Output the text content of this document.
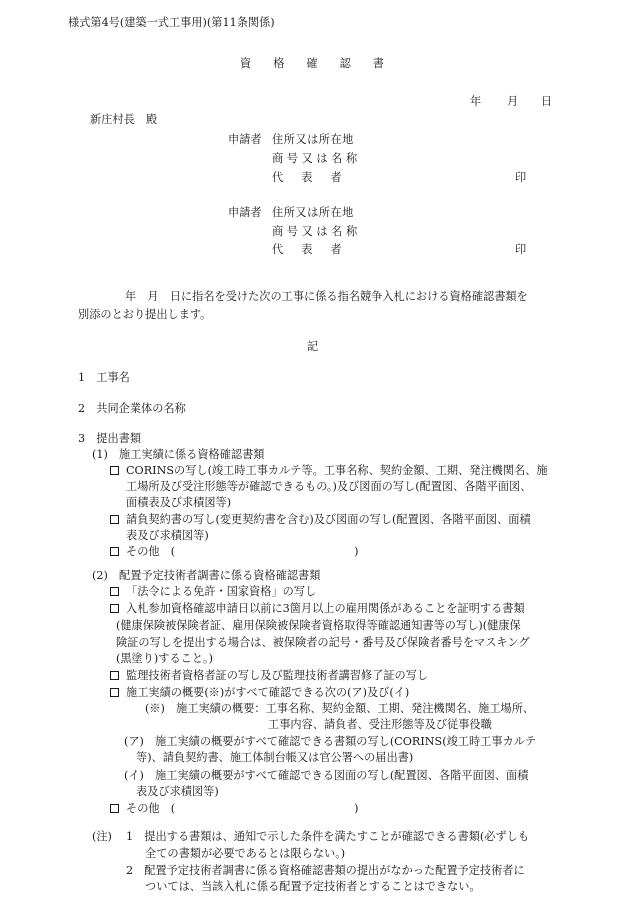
様式第4号(建築一式工事用)(第11条関係)
資格確認書
年 月 日
新庄村長　殿
申請者 住所又は所在地
商号又は名称
代表者	印
申請者 住所又は所在地
商号又は名称
代表者	印
年　月　日に指名を受けた次の工事に係る指名競争入札における資格確認書類を
別添のとおり提出します。
記
1　工事名
2　共同企業体の名称
3　提出書類
(1)　施工実績に係る資格確認書類
CORINSの写し(竣工時工事カルテ等。工事名称、契約金額、工期、発注機関名、施
工場所及び受注形態等が確認できるもの。)及び図面の写し(配置図、各階平面図、
面積表及び求積図等)
請負契約書の写し(変更契約書を含む)及び図面の写し(配置図、各階平面図、面積
表及び求積図等)
その他　(　　　　　　　　　　　　　　　　)
(2)　配置予定技術者調書に係る資格確認書類
「法令による免許・国家資格」の写し
入札参加資格確認申請日以前に3箇月以上の雇用関係があることを証明する書類
(健康保険被保険者証、雇用保険被保険者資格取得等確認通知書等の写し)(健康保
険証の写しを提出する場合は、被保険者の記号・番号及び保険者番号をマスキング
(黒塗り)すること。)
監理技術者資格者証の写し及び監理技術者講習修了証の写し
施工実績の概要(※)がすべて確認できる次の(ア)及び(イ)
(※)　施工実績の概要：工事名称、契約金額、工期、発注機関名、施工場所、
工事内容、請負者、受注形態等及び従事役職
(ア)　施工実績の概要がすべて確認できる書類の写し(CORINS(竣工時工事カルテ
等)、請負契約書、施工体制台帳又は官公署への届出書)
(イ)　施工実績の概要がすべて確認できる図面の写し(配置図、各階平面図、面積
表及び求積図等)
その他　(　　　　　　　　　　　　　　　　)
(注) 1　提出する書類は、通知で示した条件を満たすことが確認できる書類(必ずしも
全ての書類が必要であるとは限らない。)
2　配置予定技術者調書に係る資格確認書類の提出がなかった配置予定技術者に
ついては、当該入札に係る配置予定技術者とすることはできない。
